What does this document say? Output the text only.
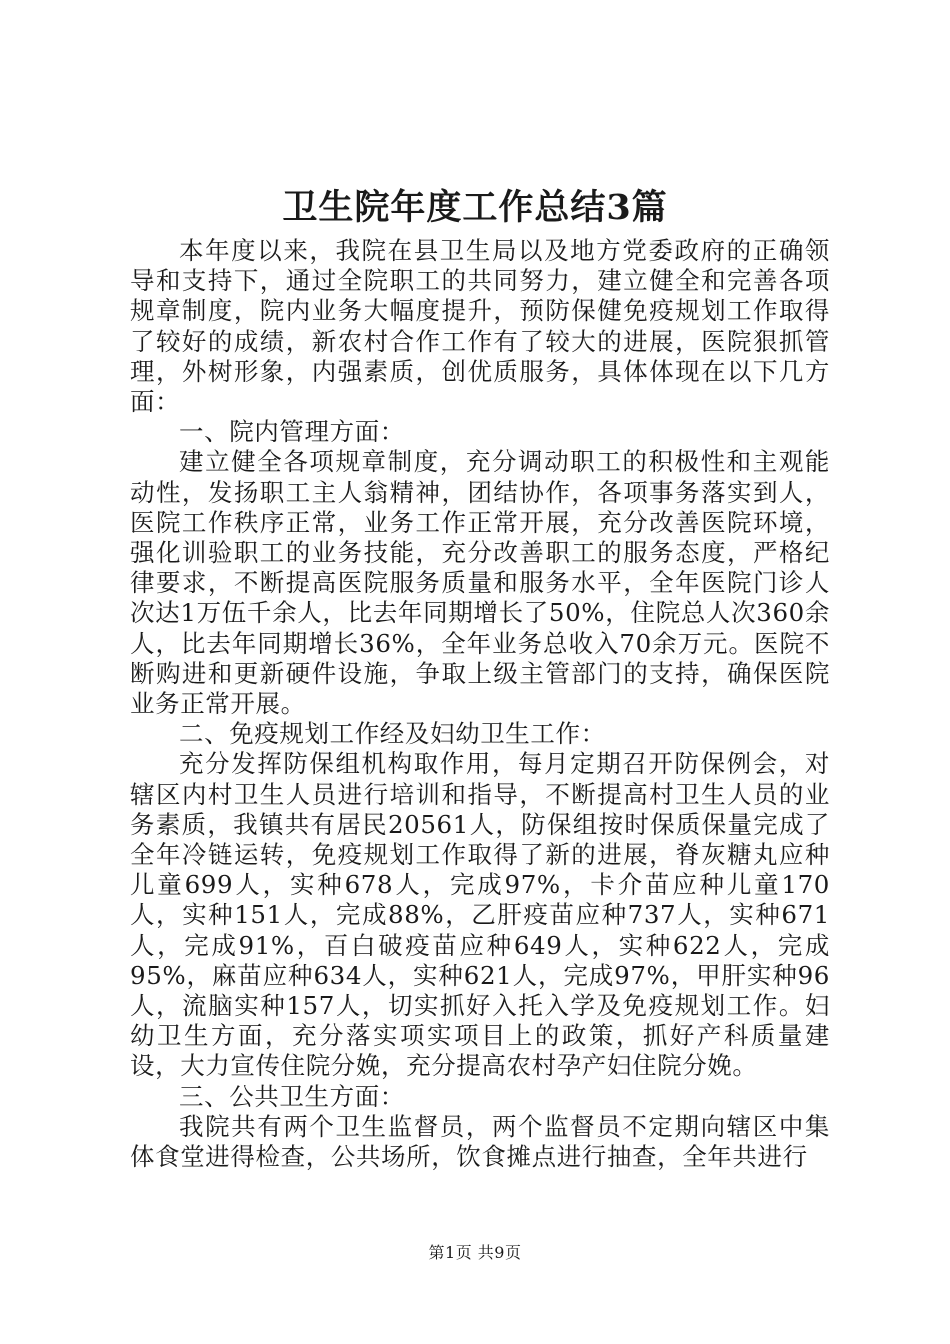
卫生院年度工作总结3篇

本年度以来，我院在县卫生局以及地方党委政府的正确领导和支持下，通过全院职工的共同努力，建立健全和完善各项规章制度，院内业务大幅度提升，预防保健免疫规划工作取得了较好的成绩，新农村合作工作有了较大的进展，医院狠抓管理，外树形象，内强素质，创优质服务，具体体现在以下几方面：

一、院内管理方面：

建立健全各项规章制度，充分调动职工的积极性和主观能动性，发扬职工主人翁精神，团结协作，各项事务落实到人，医院工作秩序正常，业务工作正常开展，充分改善医院环境，强化训验职工的业务技能，充分改善职工的服务态度，严格纪律要求，不断提高医院服务质量和服务水平，全年医院门诊人次达1万伍千余人，比去年同期增长了50%，住院总人次360余人，比去年同期增长36%，全年业务总收入70余万元。医院不断购进和更新硬件设施，争取上级主管部门的支持，确保医院业务正常开展。

二、免疫规划工作经及妇幼卫生工作：

充分发挥防保组机构取作用，每月定期召开防保例会，对辖区内村卫生人员进行培训和指导，不断提高村卫生人员的业务素质，我镇共有居民20561人，防保组按时保质保量完成了全年冷链运转，免疫规划工作取得了新的进展，脊灰糖丸应种儿童699人，实种678人，完成97%，卡介苗应种儿童170人，实种151人，完成88%，乙肝疫苗应种737人，实种671人，完成91%，百白破疫苗应种649人，实种622人，完成95%，麻苗应种634人，实种621人，完成97%，甲肝实种96人，流脑实种157人，切实抓好入托入学及免疫规划工作。妇幼卫生方面，充分落实项实项目上的政策，抓好产科质量建设，大力宣传住院分娩，充分提高农村孕产妇住院分娩。

三、公共卫生方面：

我院共有两个卫生监督员，两个监督员不定期向辖区中集体食堂进得检查，公共场所，饮食摊点进行抽查，全年共进行

第1页 共9页
